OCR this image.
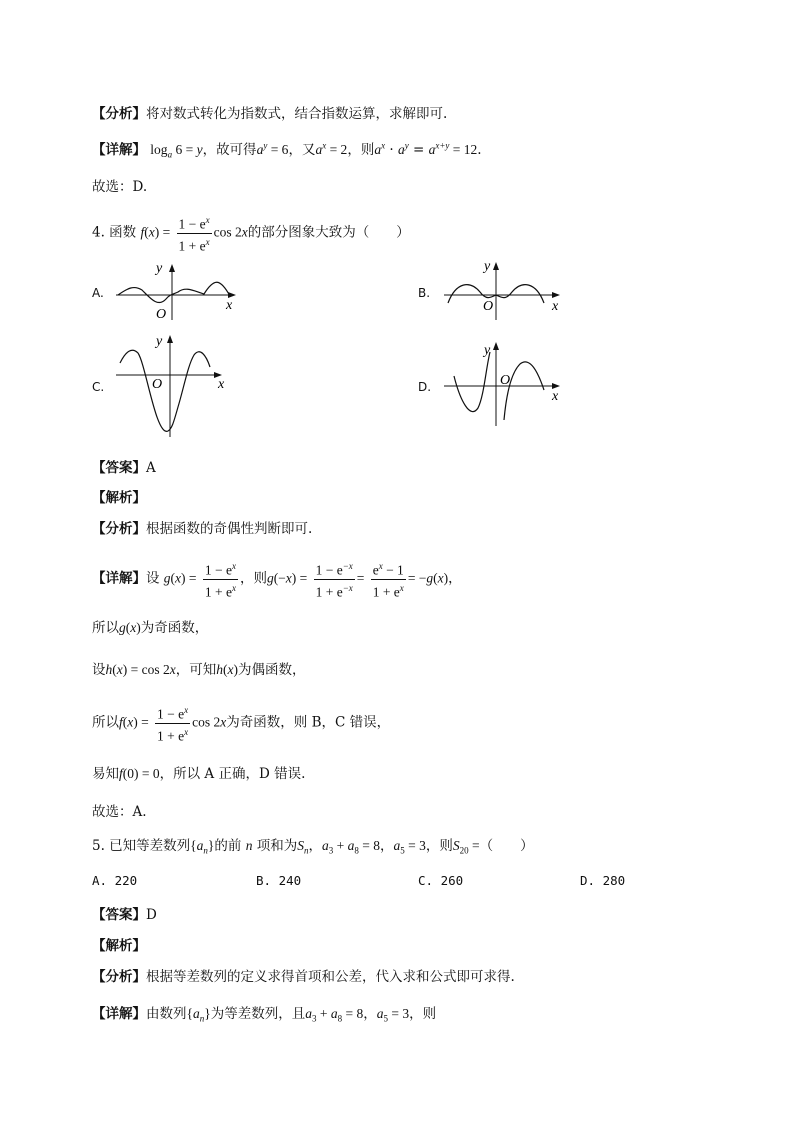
【分析】将对数式转化为指数式，结合指数运算，求解即可.
【详解】 $\log_a 6 = y$，故可得$a^y = 6$，又$a^x = 2$，则$a^x \cdot a^y = a^{x+y} = 12$.
故选：D.
4. 函数 $f(x) = \frac{1 - e^x}{1 + e^x}$ cos 2x的部分图象大致为（　　）
A.	B.
C.	D.
y
x
O
y
x
O
y
x
O
y
x
O
【答案】A
【解析】
【分析】根据函数的奇偶性判断即可.
【详解】设 $g(x) = \frac{1 - e^x}{1 + e^x}$ ，则$g(-x) = \frac{1 - e^{-x}}{1 + e^{-x}} = \frac{e^x - 1}{1 + e^x} = -g(x)$，
所以g(x)为奇函数，
设h(x) = cos 2x，可知h(x)为偶函数，
所以$f(x) = \frac{1 - e^x}{1 + e^x}$ cos 2x为奇函数，则 B，C 错误，
易知f(0) = 0，所以 A 正确，D 错误.
故选：A.
5. 已知等差数列$\{a_n\}$的前 n 项和为$S_n$，$a_3 + a_8 = 8$，$a_5 = 3$，则$S_{20}$ =（　　）
A. 220	B. 240	C. 260	D. 280
【答案】D
【解析】
【分析】根据等差数列的定义求得首项和公差，代入求和公式即可求得.
【详解】由数列$\{a_n\}$为等差数列，且$a_3 + a_8 = 8$，$a_5 = 3$，则
